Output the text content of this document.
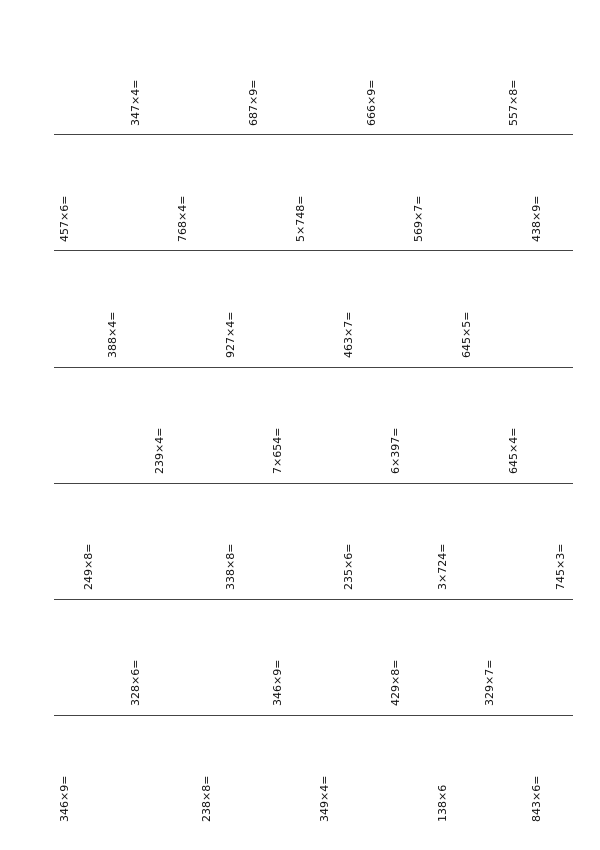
347×4=	687×9=	666×9=	557×8=
457×6=	768×4=	5×748=	569×7=	438×9=
388×4=	927×4=	463×7=	645×5=
239×4=	7×654=	6×397=	645×4=
249×8=	338×8=	235×6=	3×724=	745×3=
328×6=	346×9=	429×8=	329×7=
346×9=	238×8=	349×4=	138×6	843×6=
